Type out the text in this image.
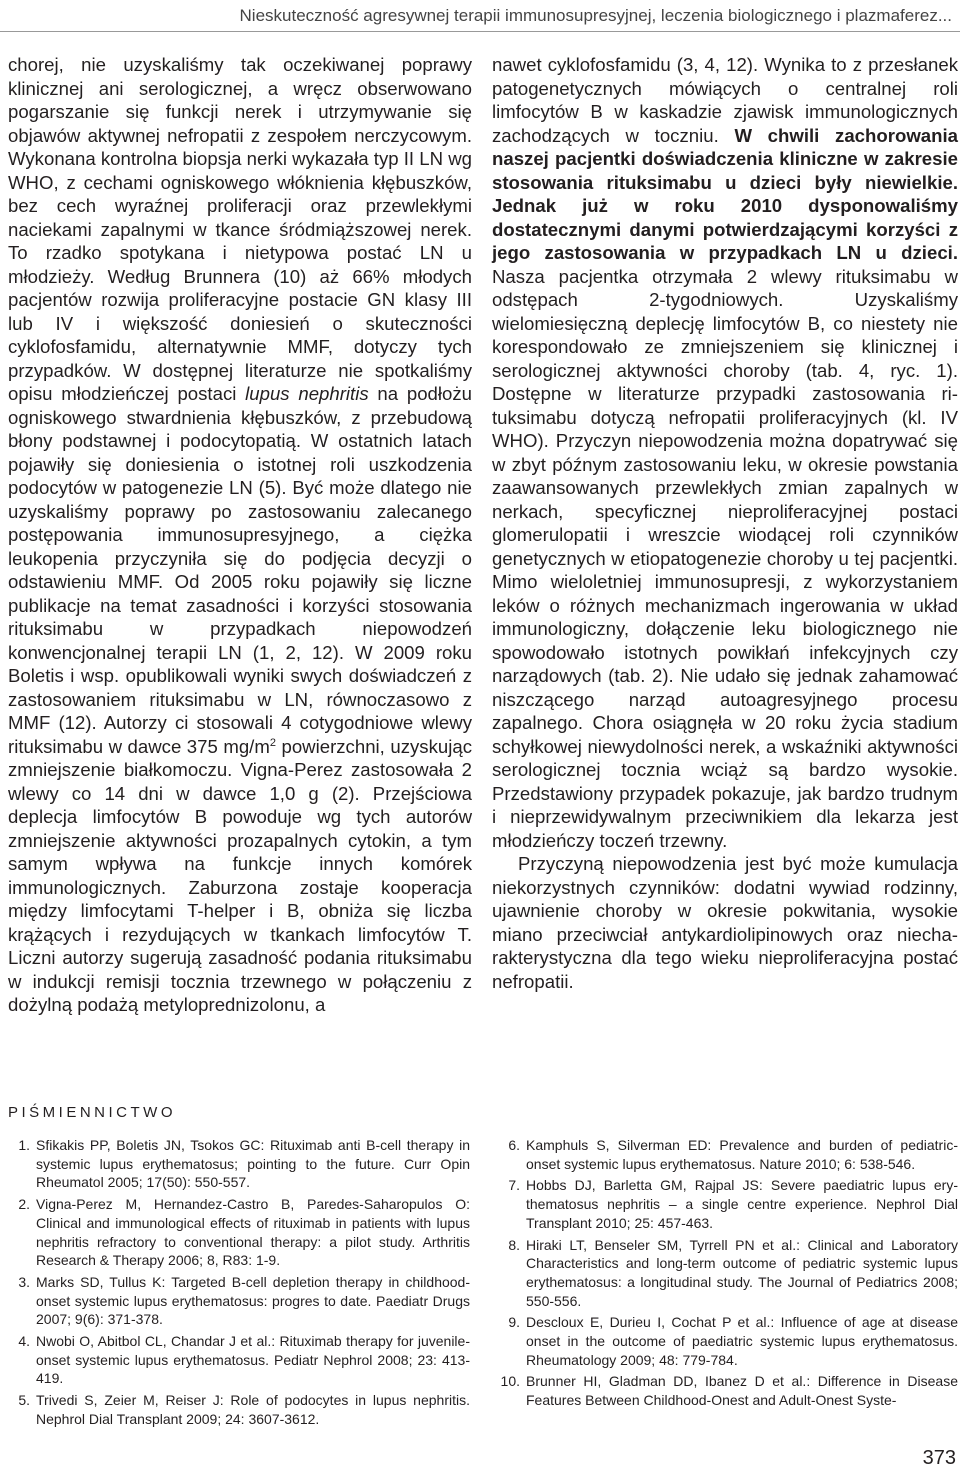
Nieskuteczność agresywnej terapii immunosupresyjnej, leczenia biologicznego i plazmaferez...

chorej, nie uzyskaliśmy tak oczekiwanej poprawy klinicznej ani serologicznej, a wręcz obserwowano pogarszanie się funkcji nerek i utrzymywanie się objawów aktywnej nefropatii z zespołem nerczycowym. Wykonana kontrolna biopsja nerki wykazała typ II LN wg WHO, z cechami ogniskowego włóknienia kłębuszków, bez cech wyraźnej proliferacji oraz przewlekłymi naciekami zapalnymi w tkance śródmiąższowej nerek. To rzadko spotykana i nietypowa postać LN u młodzieży. Według Brunnera (10) aż 66% młodych pacjentów rozwija proliferacyjne postacie GN klasy III lub IV i większość doniesień o skuteczności cyklofosfamidu, alternatywnie MMF, dotyczy tych przypadków. W dostępnej literaturze nie spotkaliśmy opisu młodzieńczej postaci lupus nephritis na podłożu ogniskowego stwardnienia kłębuszków, z przebudową błony podstawnej i podocytopatią. W ostatnich latach pojawiły się doniesienia o istotnej roli uszkodzenia podocytów w patogenezie LN (5). Być może dlatego nie uzyskaliśmy poprawy po zastosowaniu zalecanego postępowania immunosupresyjnego, a ciężka leukopenia przyczyniła się do podjęcia decyzji o odstawieniu MMF. Od 2005 roku pojawiły się liczne publikacje na temat zasadności i korzyści stosowania rituksimabu w przypadkach niepowodzeń konwencjonalnej terapii LN (1, 2, 12). W 2009 roku Boletis i wsp. opublikowali wyniki swych doświadczeń z zastosowaniem rituksimabu w LN, równoczasowo z MMF (12). Autorzy ci stosowali 4 cotygodniowe wlewy rituksimabu w dawce 375 $mg/m^2$ powierzchni, uzyskując zmniejszenie białkomoczu. Vigna-Perez zastosowała 2 wlewy co 14 dni w dawce 1,0 g (2). Przejściowa deplecja limfocytów B powoduje wg tych autorów zmniejszenie aktywności prozapalnych cytokin, a tym samym wpływa na funkcje innych komórek immunologicznych. Zaburzona zostaje kooperacja między limfocytami T-helper i B, obniża się liczba krążących i rezydujących w tkankach limfocytów T. Liczni autorzy sugerują zasadność podania rituksimabu w indukcji remisji tocznia trzewnego w połączeniu z dożylną podażą metyloprednizolonu, a

nawet cyklofosfamidu (3, 4, 12). Wynika to z przesłanek patogenetycznych mówiących o centralnej roli limfocytów B w kaskadzie zjawisk immunologicznych zachodzących w toczniu. W chwili zachorowania naszej pacjentki doświadczenia kliniczne w zakresie stosowania rituksimabu u dzieci były niewielkie. Jednak już w roku 2010 dysponowaliśmy dostatecznymi danymi potwierdzającymi korzyści z jego zastosowania w przypadkach LN u dzieci. Nasza pacjentka otrzymała 2 wlewy rituksimabu w odstępach 2-tygodniowych. Uzyskaliśmy wielomiesięczną deplecję limfocytów B, co niestety nie korespondowało ze zmniejszeniem się klinicznej i serologicznej aktywności choroby (tab. 4, ryc. 1). Dostępne w literaturze przypadki zastosowania rituksimabu dotyczą nefropatii proliferacyjnych (kl. IV WHO). Przyczyn niepowodzenia można dopatrywać się w zbyt późnym zastosowaniu leku, w okresie powstania zaawansowanych przewlekłych zmian zapalnych w nerkach, specyficznej nieproliferacyjnej postaci glomerulopatii i wreszcie wiodącej roli czynników genetycznych w etiopatogenezie choroby u tej pacjentki. Mimo wieloletniej immunosupresji, z wykorzystaniem leków o różnych mechanizmach ingerowania w układ immunologiczny, dołączenie leku biologicznego nie spowodowało istotnych powikłań infekcyjnych czy narządowych (tab. 2). Nie udało się jednak zahamować niszczącego narząd autoagresyjnego procesu zapalnego. Chora osiągnęła w 20 roku życia stadium schyłkowej niewydolności nerek, a wskaźniki aktywności serologicznej tocznia wciąż są bardzo wysokie. Przedstawiony przypadek pokazuje, jak bardzo trudnym i nieprzewidywalnym przeciwnikiem dla lekarza jest młodzieńczy toczeń trzewny.

Przyczyną niepowodzenia jest być może kumulacja niekorzystnych czynników: dodatni wywiad rodzinny, ujawnienie choroby w okresie pokwitania, wysokie miano przeciwciał antykardiolipinowych oraz niecharakterystyczna dla tego wieku nieproliferacyjna postać nefropatii.

PIŚMIENNICTWO
1. Sfikakis PP, Boletis JN, Tsokos GC: Rituximab anti B-cell therapy in systemic lupus erythematosus; pointing to the future. Curr Opin Rheumatol 2005; 17(50): 550-557.
2. Vigna-Perez M, Hernandez-Castro B, Paredes-Saharopulos O: Clinical and immunological effects of rituximab in patients with lupus nephritis refractory to conventional therapy: a pilot study. Arthritis Research & Therapy 2006; 8, R83: 1-9.
3. Marks SD, Tullus K: Targeted B-cell depletion therapy in childhood-onset systemic lupus erythematosus: progres to date. Paediatr Drugs 2007; 9(6): 371-378.
4. Nwobi O, Abitbol CL, Chandar J et al.: Rituximab therapy for juvenile-onset systemic lupus erythematosus. Pediatr Nephrol 2008; 23: 413-419.
5. Trivedi S, Zeier M, Reiser J: Role of podocytes in lupus nephritis. Nephrol Dial Transplant 2009; 24: 3607-3612.
6. Kamphuls S, Silverman ED: Prevalence and burden of pediatric-onset systemic lupus erythematosus. Nature 2010; 6: 538-546.
7. Hobbs DJ, Barletta GM, Rajpal JS: Severe paediatric lupus erythematosus nephritis – a single centre experience. Nephrol Dial Transplant 2010; 25: 457-463.
8. Hiraki LT, Benseler SM, Tyrrell PN et al.: Clinical and Laboratory Characteristics and long-term outcome of pediatric systemic lupus erythematosus: a longitudinal study. The Journal of Pediatrics 2008; 550-556.
9. Descloux E, Durieu I, Cochat P et al.: Influence of age at disease onset in the outcome of paediatric systemic lupus erythematosus. Rheumatology 2009; 48: 779-784.
10. Brunner HI, Gladman DD, Ibanez D et al.: Difference in Disease Features Between Childhood-Onest and Adult-Onest Syste-
373
